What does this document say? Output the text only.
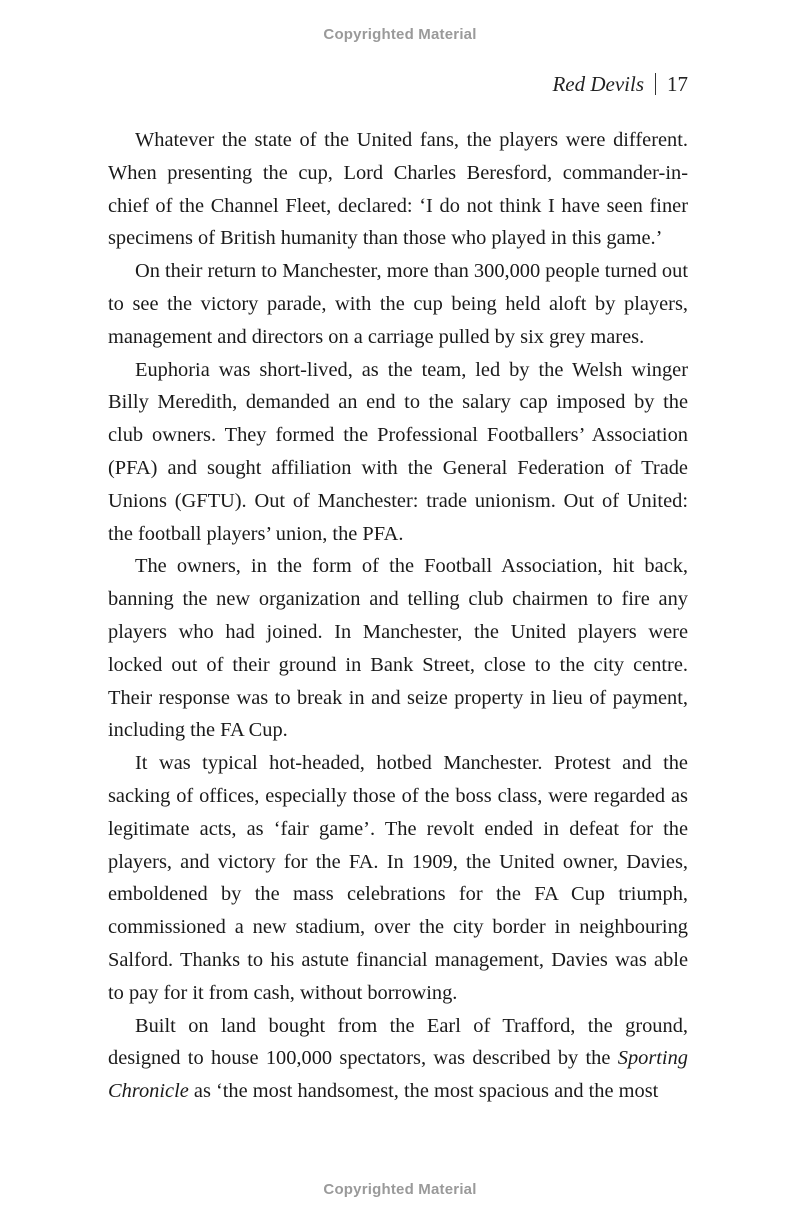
Copyrighted Material
Red Devils 17

Whatever the state of the United fans, the players were different. When presenting the cup, Lord Charles Beresford, commander-in-chief of the Channel Fleet, declared: ‘I do not think I have seen finer specimens of British humanity than those who played in this game.’

On their return to Manchester, more than 300,000 people turned out to see the victory parade, with the cup being held aloft by players, management and directors on a carriage pulled by six grey mares.

Euphoria was short-lived, as the team, led by the Welsh winger Billy Meredith, demanded an end to the salary cap imposed by the club owners. They formed the Professional Footballers’ Association (PFA) and sought affiliation with the General Federation of Trade Unions (GFTU). Out of Manchester: trade unionism. Out of United: the football players’ union, the PFA.

The owners, in the form of the Football Association, hit back, banning the new organization and telling club chairmen to fire any players who had joined. In Manchester, the United players were locked out of their ground in Bank Street, close to the city centre. Their response was to break in and seize property in lieu of payment, including the FA Cup.

It was typical hot-headed, hotbed Manchester. Protest and the sacking of offices, especially those of the boss class, were regarded as legitimate acts, as ‘fair game’. The revolt ended in defeat for the players, and victory for the FA. In 1909, the United owner, Davies, emboldened by the mass celebrations for the FA Cup triumph, commissioned a new stadium, over the city border in neighbouring Salford. Thanks to his astute financial management, Davies was able to pay for it from cash, without borrowing.

Built on land bought from the Earl of Trafford, the ground, designed to house 100,000 spectators, was described by the Sporting Chronicle as ‘the most handsomest, the most spacious and the most

Copyrighted Material
